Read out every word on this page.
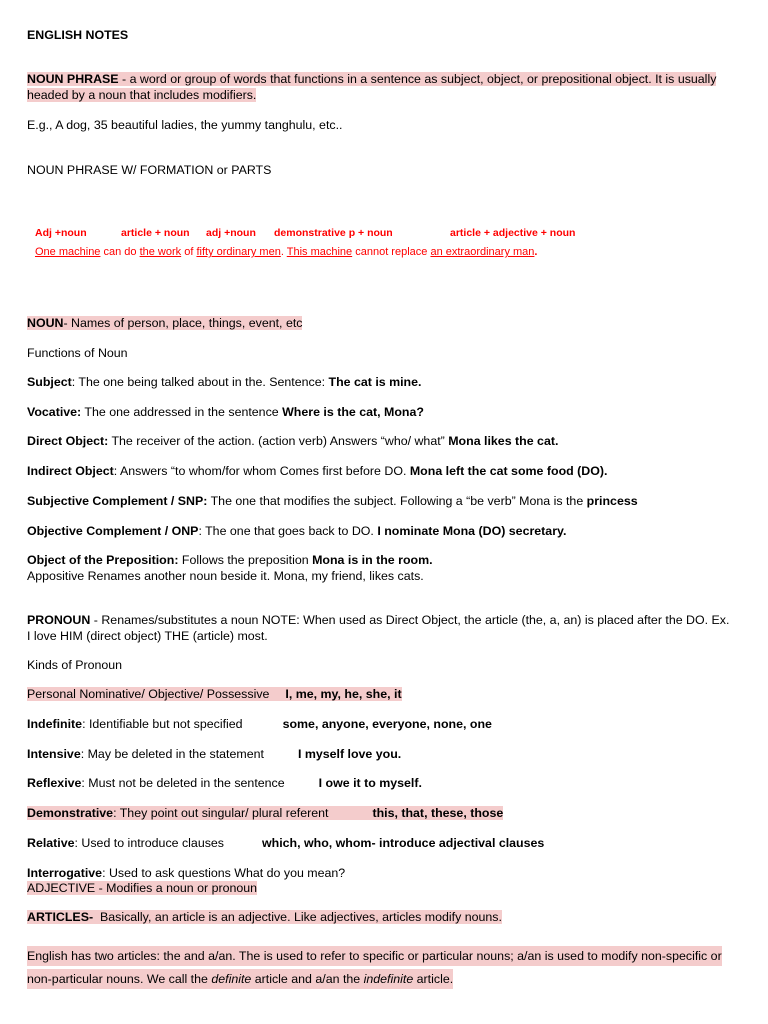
ENGLISH NOTES
NOUN PHRASE - a word or group of words that functions in a sentence as subject, object, or prepositional object. It is usually
headed by a noun that includes modifiers.
E.g., A dog, 35 beautiful ladies, the yummy tanghulu, etc..
NOUN PHRASE W/ FORMATION or PARTS
Adj +noun	article + noun adj +noun demonstrative p + noun	article + adjective + noun
One machine can do the work of fifty ordinary men. This machine cannot replace an extraordinary man.
NOUN- Names of person, place, things, event, etc
Functions of Noun
Subject: The one being talked about in the. Sentence: The cat is mine.
Vocative: The one addressed in the sentence Where is the cat, Mona?
Direct Object: The receiver of the action. (action verb) Answers “who/ what” Mona likes the cat.
Indirect Object: Answers “to whom/for whom Comes first before DO. Mona left the cat some food (DO).
Subjective Complement / SNP: The one that modifies the subject. Following a “be verb” Mona is the princess
Objective Complement / ONP: The one that goes back to DO. I nominate Mona (DO) secretary.
Object of the Preposition: Follows the preposition Mona is in the room.
Appositive Renames another noun beside it. Mona, my friend, likes cats.
PRONOUN - Renames/substitutes a noun NOTE: When used as Direct Object, the article (the, a, an) is placed after the DO. Ex.
I love HIM (direct object) THE (article) most.
Kinds of Pronoun
Personal Nominative/ Objective/ Possessive I, me, my, he, she, it
Indefinite: Identifiable but not specified	some, anyone, everyone, none, one
Intensive: May be deleted in the statement	I myself love you.
Reflexive: Must not be deleted in the sentence	I owe it to myself.
Demonstrative: They point out singular/ plural referent	this, that, these, those
Relative: Used to introduce clauses	which, who, whom- introduce adjectival clauses
Interrogative: Used to ask questions What do you mean?
ADJECTIVE - Modifies a noun or pronoun
ARTICLES-  Basically, an article is an adjective. Like adjectives, articles modify nouns.
English has two articles: the and a/an. The is used to refer to specific or particular nouns; a/an is used to modify non-specific or
non-particular nouns. We call the definite article and a/an the indefinite article.
